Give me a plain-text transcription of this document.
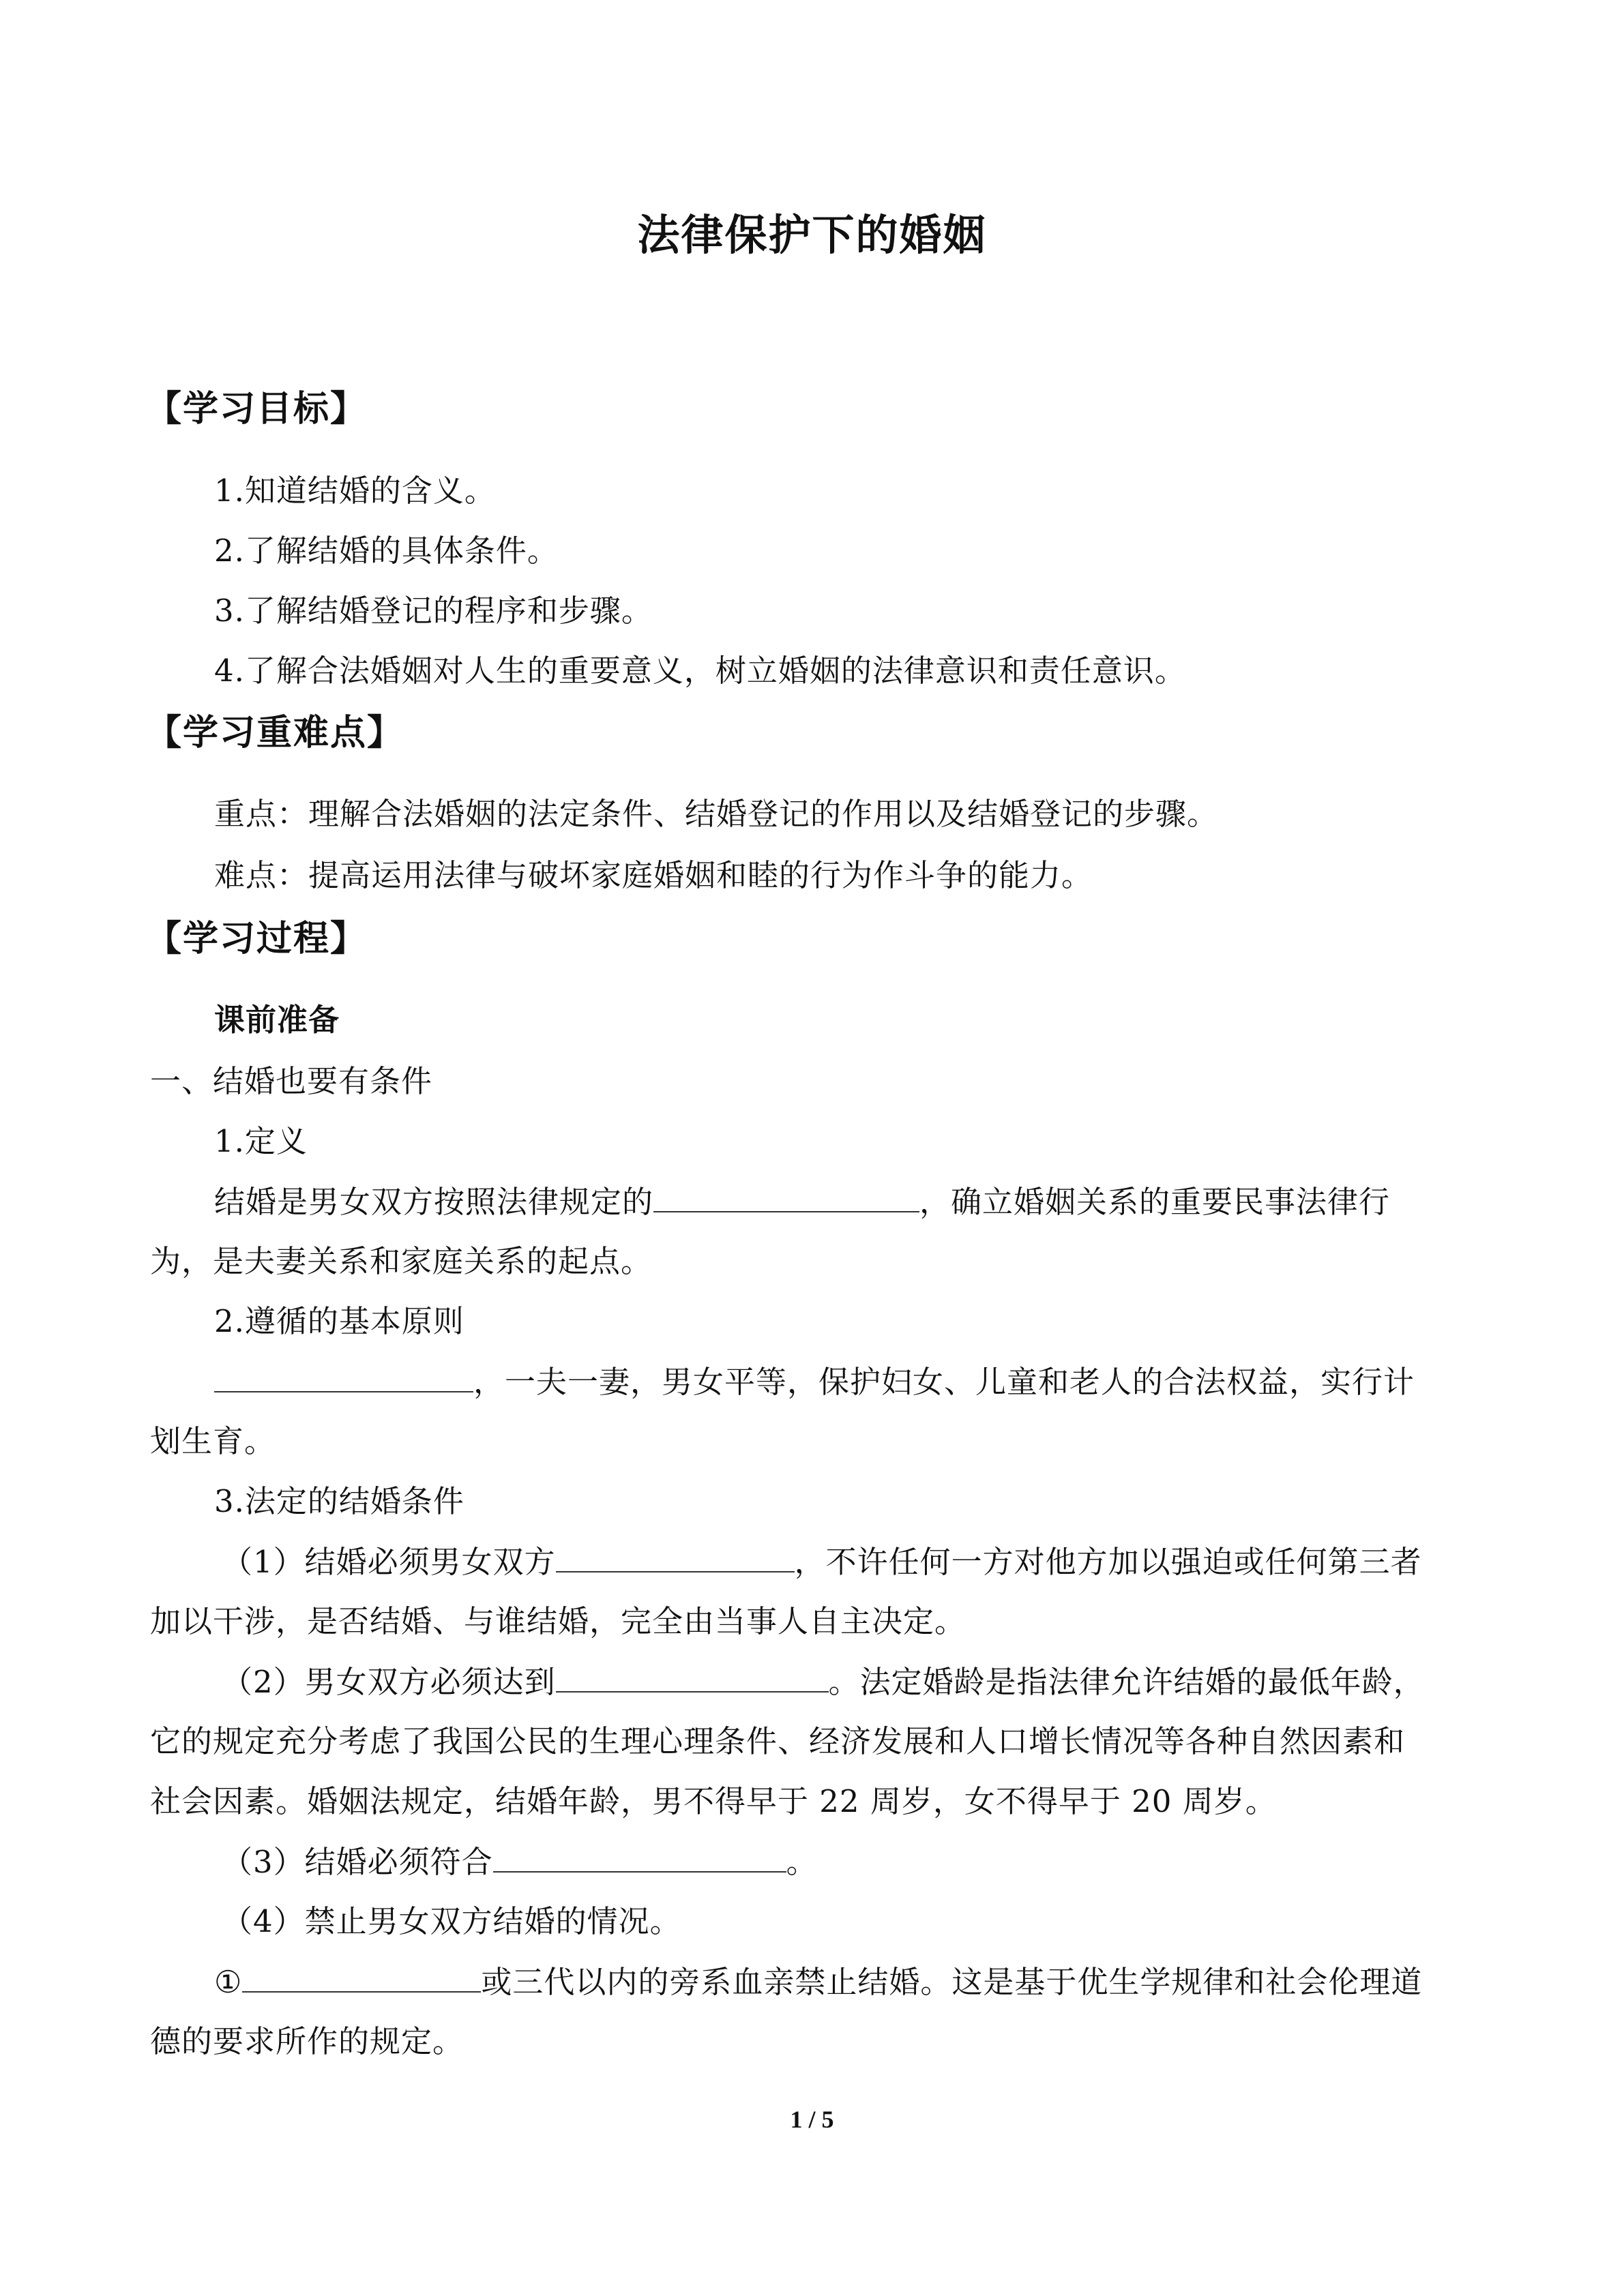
法律保护下的婚姻
【学习目标】
1.知道结婚的含义。
2.了解结婚的具体条件。
3.了解结婚登记的程序和步骤。
4.了解合法婚姻对人生的重要意义，树立婚姻的法律意识和责任意识。
【学习重难点】
重点：理解合法婚姻的法定条件、结婚登记的作用以及结婚登记的步骤。
难点：提高运用法律与破坏家庭婚姻和睦的行为作斗争的能力。
【学习过程】
课前准备
一、结婚也要有条件
1.定义
结婚是男女双方按照法律规定的	，确立婚姻关系的重要民事法律行
为，是夫妻关系和家庭关系的起点。
2.遵循的基本原则
，一夫一妻，男女平等，保护妇女、儿童和老人的合法权益，实行计
划生育。
3.法定的结婚条件
（1）结婚必须男女双方	，不许任何一方对他方加以强迫或任何第三者
加以干涉，是否结婚、与谁结婚，完全由当事人自主决定。
（2）男女双方必须达到	。法定婚龄是指法律允许结婚的最低年龄，
它的规定充分考虑了我国公民的生理心理条件、经济发展和人口增长情况等各种自然因素和
社会因素。婚姻法规定，结婚年龄，男不得早于 22 周岁，女不得早于 20 周岁。
（3）结婚必须符合	。
（4）禁止男女双方结婚的情况。
①	或三代以内的旁系血亲禁止结婚。这是基于优生学规律和社会伦理道
德的要求所作的规定。
1 / 5
